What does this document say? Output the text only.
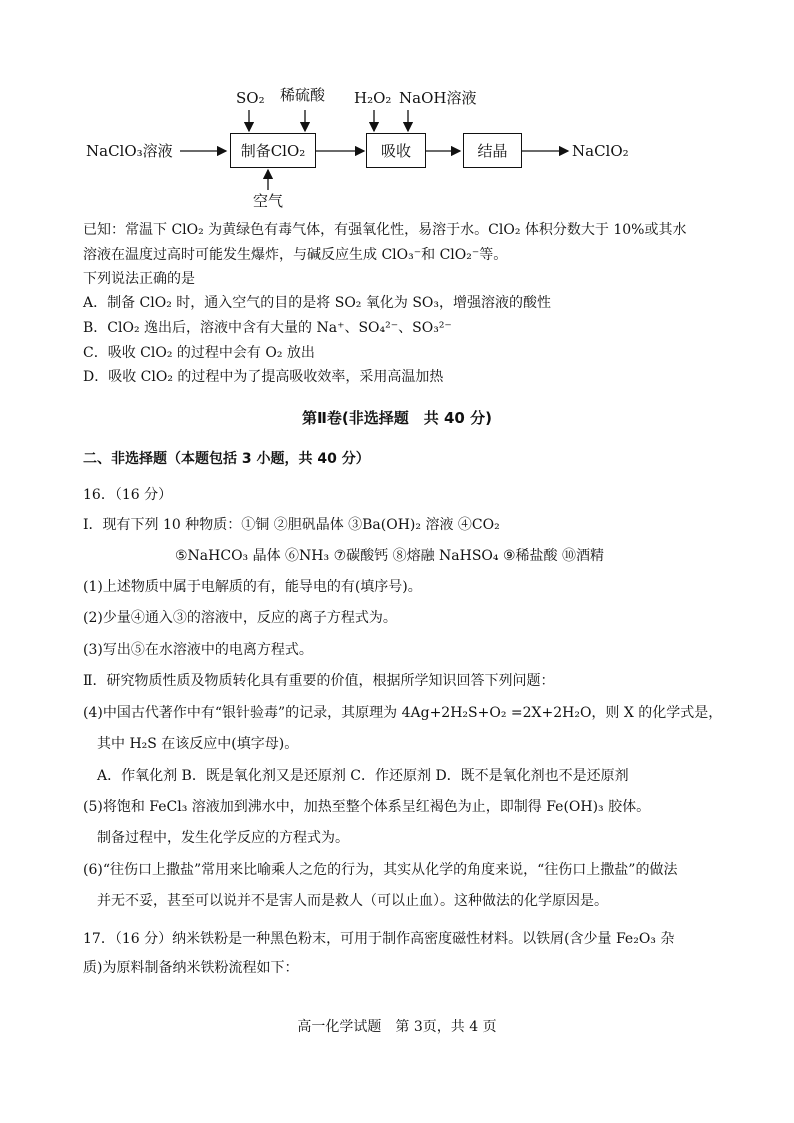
NaClO₃溶液	制备ClO₂
SO₂ 稀硫酸
空气
吸收
H₂O₂ NaOH溶液
结晶	NaClO₂
已知：常温下 ClO₂ 为黄绿色有毒气体，有强氧化性，易溶于水。ClO₂ 体积分数大于 10%或其水
溶液在温度过高时可能发生爆炸，与碱反应生成 ClO₃⁻和 ClO₂⁻等。
下列说法正确的是
A．制备 ClO₂ 时，通入空气的目的是将 SO₂ 氧化为 SO₃，增强溶液的酸性
B．ClO₂ 逸出后，溶液中含有大量的 Na⁺、SO₄²⁻、SO₃²⁻
C．吸收 ClO₂ 的过程中会有 O₂ 放出
D．吸收 ClO₂ 的过程中为了提高吸收效率，采用高温加热
第Ⅱ卷(非选择题　共 40 分)
二、非选择题（本题包括 3 小题，共 40 分）
16．（16 分）
Ⅰ．现有下列 10 种物质：①铜 ②胆矾晶体 ③Ba(OH)₂ 溶液 ④CO₂
⑤NaHCO₃ 晶体 ⑥NH₃ ⑦碳酸钙 ⑧熔融 NaHSO₄ ⑨稀盐酸 ⑩酒精
(1)上述物质中属于电解质的有，能导电的有(填序号)。
(2)少量④通入③的溶液中，反应的离子方程式为。
(3)写出⑤在水溶液中的电离方程式。
Ⅱ．研究物质性质及物质转化具有重要的价值，根据所学知识回答下列问题：
(4)中国古代著作中有“银针验毒”的记录，其原理为 4Ag+2H₂S+O₂ =2X+2H₂O，则 X 的化学式是，
其中 H₂S 在该反应中(填字母)。
A．作氧化剂 B．既是氧化剂又是还原剂 C．作还原剂 D．既不是氧化剂也不是还原剂
(5)将饱和 FeCl₃ 溶液加到沸水中，加热至整个体系呈红褐色为止，即制得 Fe(OH)₃ 胶体。
制备过程中，发生化学反应的方程式为。
(6)“往伤口上撒盐”常用来比喻乘人之危的行为，其实从化学的角度来说，“往伤口上撒盐”的做法
并无不妥，甚至可以说并不是害人而是救人（可以止血）。这种做法的化学原因是。
17．（16 分）纳米铁粉是一种黑色粉末，可用于制作高密度磁性材料。以铁屑(含少量 Fe₂O₃ 杂
质)为原料制备纳米铁粉流程如下：
高一化学试题　第 3页，共 4 页
